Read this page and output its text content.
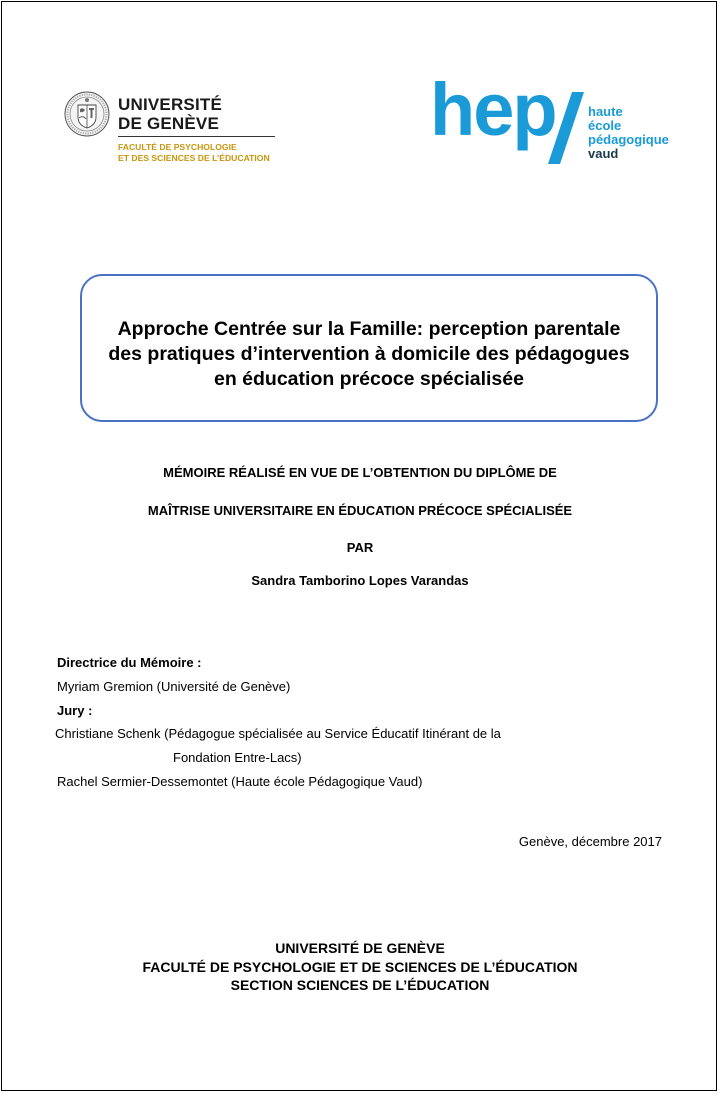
UNIVERSITÉ
DE GENÈVE
FACULTÉ DE PSYCHOLOGIE
ET DES SCIENCES DE L’ÉDUCATION
hep haute
école
pédagogique
vaud
Approche Centrée sur la Famille: perception parentale
des pratiques d’intervention à domicile des pédagogues
en éducation précoce spécialisée
MÉMOIRE RÉALISÉ EN VUE DE L’OBTENTION DU DIPLÔME DE
MAÎTRISE UNIVERSITAIRE EN ÉDUCATION PRÉCOCE SPÉCIALISÉE
PAR
Sandra Tamborino Lopes Varandas
Directrice du Mémoire :
Myriam Gremion (Université de Genève)
Jury :
Christiane Schenk (Pédagogue spécialisée au Service Éducatif Itinérant de la
Fondation Entre-Lacs)
Rachel Sermier-Dessemontet (Haute école Pédagogique Vaud)
Genève, décembre 2017
UNIVERSITÉ DE GENÈVE
FACULTÉ DE PSYCHOLOGIE ET DE SCIENCES DE L’ÉDUCATION
SECTION SCIENCES DE L’ÉDUCATION
